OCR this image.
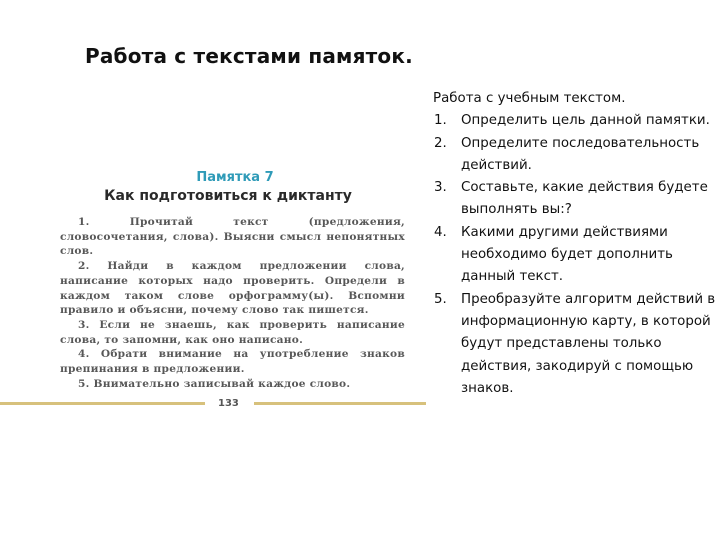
Работа с текстами памяток.
Памятка 7
Как подготовиться к диктанту
1. Прочитай текст (предложения, словосочетания, слова). Выясни смысл непонятных слов.
2. Найди в каждом предложении слова, написание которых надо проверить. Определи в каждом таком слове орфограмму(ы). Вспомни правило и объясни, почему слово так пишется.
3. Если не знаешь, как проверить написание слова, то запомни, как оно написано.
4. Обрати внимание на употребление знаков препинания в предложении.
5. Внимательно записывай каждое слово.
133
Работа с учебным текстом.
1. Определить цель данной памятки.
2. Определите последовательность действий.
3. Составьте, какие действия будете выполнять вы:?
4. Какими другими действиями необходимо будет дополнить данный текст.
5. Преобразуйте алгоритм действий в информационную карту, в которой будут представлены только действия, закодируй с помощью знаков.
